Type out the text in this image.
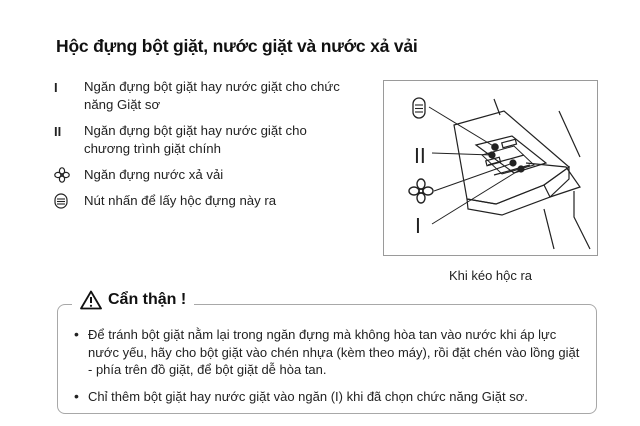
Hộc đựng bột giặt, nước giặt và nước xả vải
I	Ngăn đựng bột giặt hay nước giặt cho chức năng Giặt sơ
II	Ngăn đựng bột giặt hay nước giặt cho chương trình giặt chính
Ngăn đựng nước xả vải
Nút nhấn để lấy hộc đựng này ra
II
I
Khi kéo hộc ra
Cẩn thận !
• Để tránh bột giặt nằm lại trong ngăn đựng mà không hòa tan vào nước khi áp lực nước yếu, hãy cho bột giặt vào chén nhựa (kèm theo máy), rồi đặt chén vào lồng giặt - phía trên đồ giặt, để bột giặt dễ hòa tan.
• Chỉ thêm bột giặt hay nước giặt vào ngăn (I) khi đã chọn chức năng Giặt sơ.
